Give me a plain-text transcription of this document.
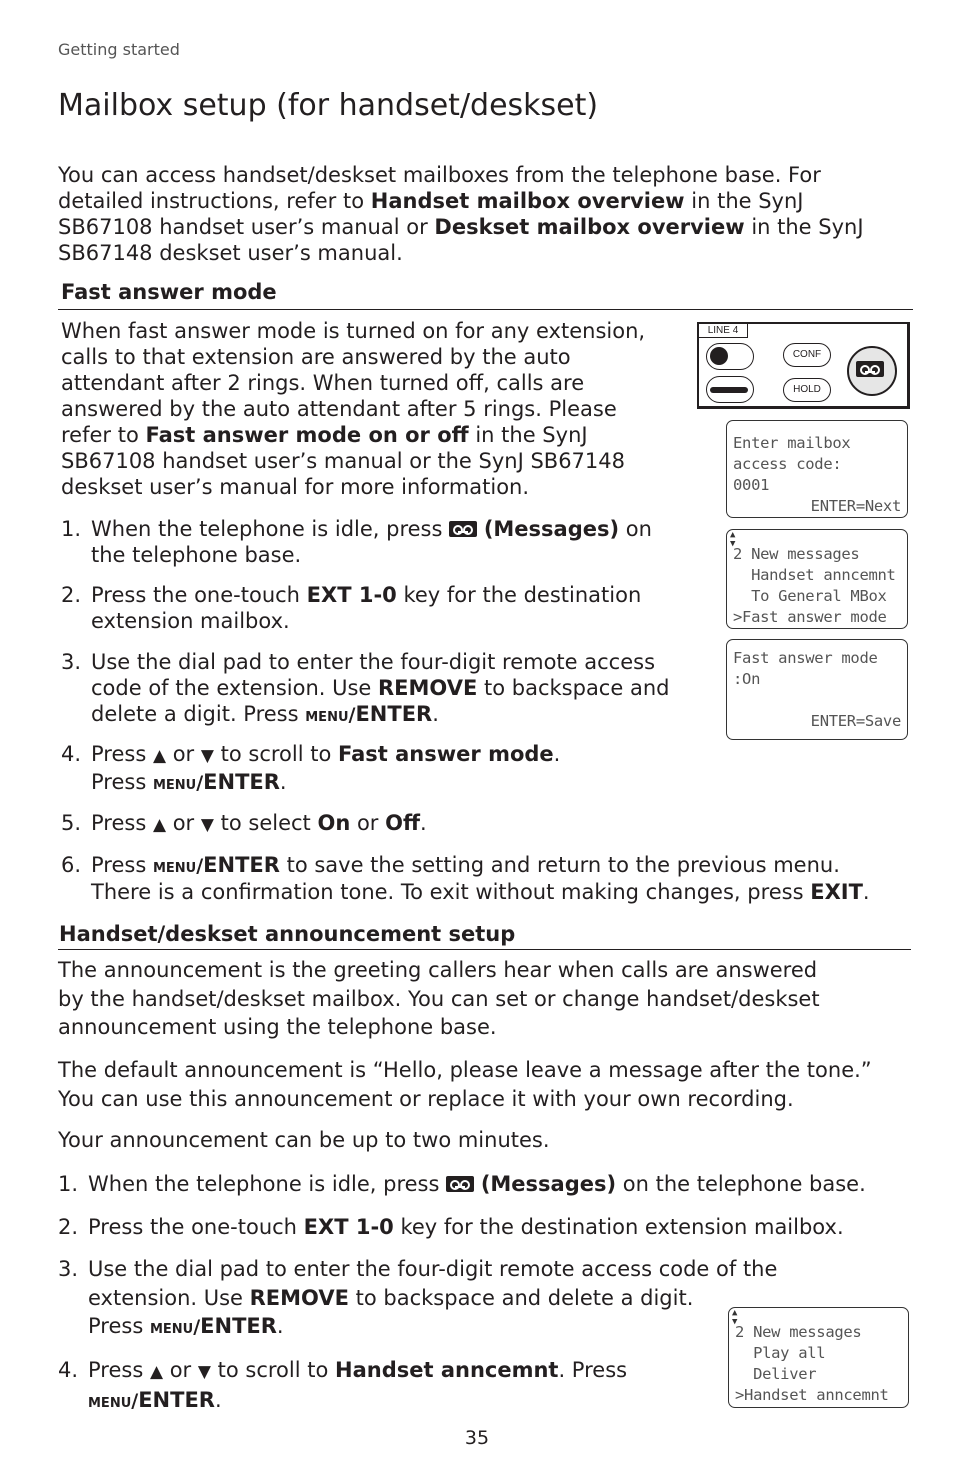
Getting started
Mailbox setup (for handset/deskset)
You can access handset/deskset mailboxes from the telephone base. For
detailed instructions, refer to Handset mailbox overview in the SynJ
SB67108 handset user’s manual or Deskset mailbox overview in the SynJ
SB67148 deskset user’s manual.
Fast answer mode
When fast answer mode is turned on for any extension,
calls to that extension are answered by the auto
attendant after 2 rings. When turned off, calls are
answered by the auto attendant after 5 rings. Please
refer to Fast answer mode on or off in the SynJ
SB67108 handset user’s manual or the SynJ SB67148
deskset user’s manual for more information.
1. When the telephone is idle, press
(Messages) on
the telephone base.
2. Press the one-touch EXT 1-0 key for the destination
extension mailbox.
3. Use the dial pad to enter the four-digit remote access
code of the extension. Use REMOVE to backspace and
delete a digit. Press menu/ENTER.
4. Press ▲ or ▼ to scroll to Fast answer mode.
Press menu/ENTER.
5. Press ▲ or ▼ to select On or Off.
6. Press menu/ENTER to save the setting and return to the previous menu.
There is a confirmation tone. To exit without making changes, press EXIT.
LINE 4
CONF
HOLD
Enter mailbox
access code:
0001
ENTER=Next
▲
▼
2 New messages
Handset anncemnt
To General MBox
>Fast answer mode
Fast answer mode
:On
ENTER=Save
Handset/deskset announcement setup
The announcement is the greeting callers hear when calls are answered
by the handset/deskset mailbox. You can set or change handset/deskset
announcement using the telephone base.
The default announcement is “Hello, please leave a message after the tone.”
You can use this announcement or replace it with your own recording.
Your announcement can be up to two minutes.
1. When the telephone is idle, press
(Messages) on the telephone base.
2. Press the one-touch EXT 1-0 key for the destination extension mailbox.
3. Use the dial pad to enter the four-digit remote access code of the
extension. Use REMOVE to backspace and delete a digit.
Press menu/ENTER.
4. Press ▲ or ▼ to scroll to Handset anncemnt. Press
menu/ENTER.
▲
▼
2 New messages
Play all
Deliver
>Handset anncemnt
35
